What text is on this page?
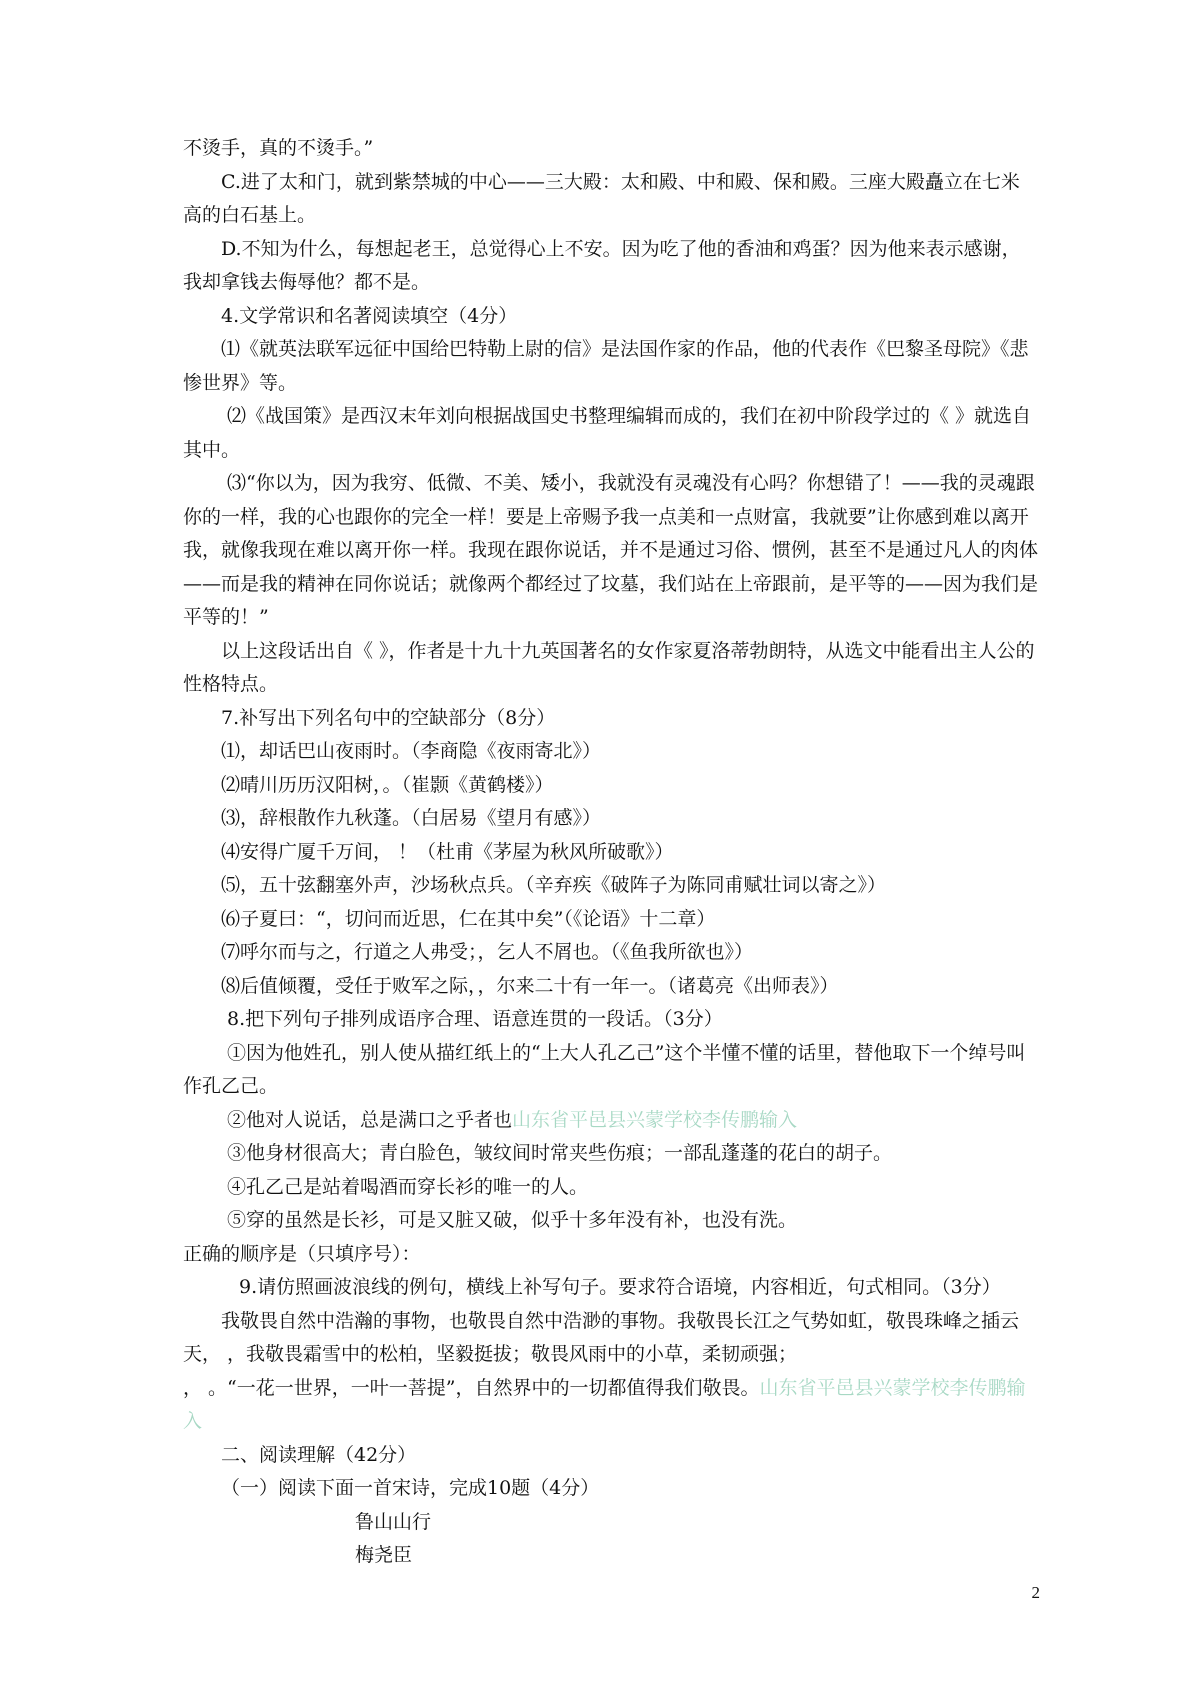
不烫手，真的不烫手。”

C.进了太和门，就到紫禁城的中心——三大殿：太和殿、中和殿、保和殿。三座大殿矗立在七米高的白石基上。

D.不知为什么，每想起老王，总觉得心上不安。因为吃了他的香油和鸡蛋？因为他来表示感谢，我却拿钱去侮辱他？都不是。

4.文学常识和名著阅读填空（4分）

⑴《就英法联军远征中国给巴特勒上尉的信》是法国作家的作品，他的代表作《巴黎圣母院》《悲惨世界》等。

⑵《战国策》是西汉末年刘向根据战国史书整理编辑而成的，我们在初中阶段学过的《 》就选自其中。

⑶“你以为，因为我穷、低微、不美、矮小，我就没有灵魂没有心吗？你想错了！——我的灵魂跟你的一样，我的心也跟你的完全一样！要是上帝赐予我一点美和一点财富，我就要”让你感到难以离开我，就像我现在难以离开你一样。我现在跟你说话，并不是通过习俗、惯例，甚至不是通过凡人的肉体——而是我的精神在同你说话；就像两个都经过了坟墓，我们站在上帝跟前，是平等的——因为我们是平等的！”

以上这段话出自《 》，作者是十九十九英国著名的女作家夏洛蒂勃朗特，从选文中能看出主人公的性格特点。

7.补写出下列名句中的空缺部分（8分）

⑴，却话巴山夜雨时。（李商隐《夜雨寄北》）

⑵晴川历历汉阳树，。（崔颢《黄鹤楼》）

⑶，辞根散作九秋蓬。（白居易《望月有感》）

⑷安得广厦千万间， ！（杜甫《茅屋为秋风所破歌》）

⑸，五十弦翻塞外声，沙场秋点兵。（辛弃疾《破阵子为陈同甫赋壮词以寄之》）

⑹子夏曰：“，切问而近思，仁在其中矣”（《论语》十二章）

⑺呼尔而与之，行道之人弗受；，乞人不屑也。（《鱼我所欲也》）

⑻后值倾覆，受任于败军之际，，尔来二十有一年一。（诸葛亮《出师表》）

8.把下列句子排列成语序合理、语意连贯的一段话。（3分）

①因为他姓孔，别人使从描红纸上的“上大人孔乙己”这个半懂不懂的话里，替他取下一个绰号叫作孔乙己。

②他对人说话，总是满口之乎者也山东省平邑县兴蒙学校李传鹏输入

③他身材很高大；青白脸色，皱纹间时常夹些伤痕；一部乱蓬蓬的花白的胡子。

④孔乙己是站着喝酒而穿长衫的唯一的人。

⑤穿的虽然是长衫，可是又脏又破，似乎十多年没有补，也没有洗。

正确的顺序是（只填序号）：

9.请仿照画波浪线的例句，横线上补写句子。要求符合语境，内容相近，句式相同。（3分）

我敬畏自然中浩瀚的事物，也敬畏自然中浩渺的事物。我敬畏长江之气势如虹，敬畏珠峰之插云天， ，我敬畏霜雪中的松柏，坚毅挺拔；敬畏风雨中的小草，柔韧顽强；

， 。“一花一世界，一叶一菩提”，自然界中的一切都值得我们敬畏。山东省平邑县兴蒙学校李传鹏输入

二、阅读理解（42分）

（一）阅读下面一首宋诗，完成10题（4分）

鲁山山行

梅尧臣

2
